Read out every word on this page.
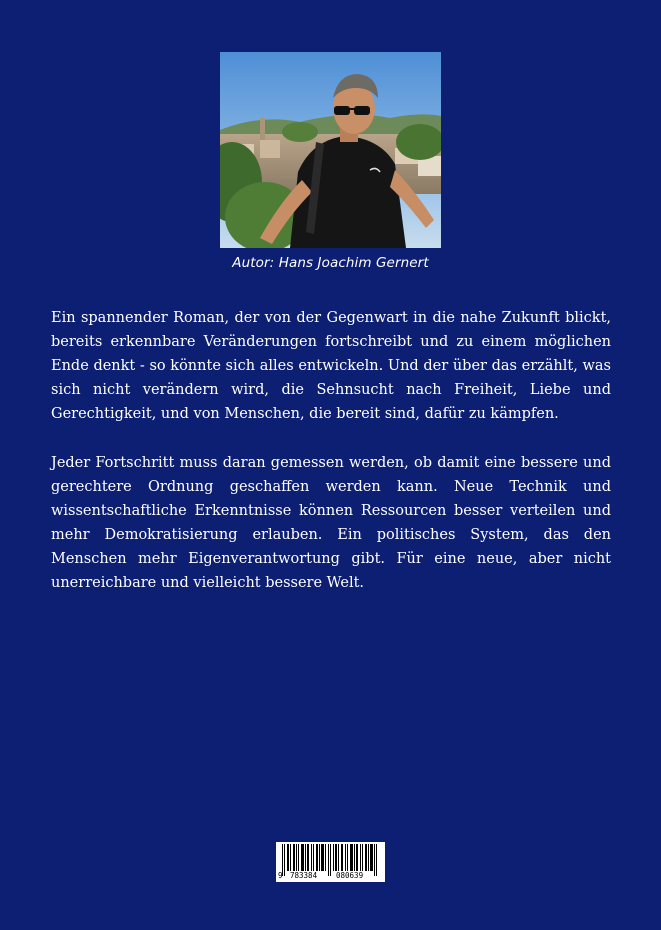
Autor: Hans Joachim Gernert

Ein spannender Roman, der von der Gegenwart in die nahe Zukunft blickt, bereits erkennbare Veränderungen fortschreibt und zu einem möglichen Ende denkt - so könnte sich alles entwickeln. Und der über das erzählt, was sich nicht verändern wird, die Sehnsucht nach Freiheit, Liebe und Gerechtigkeit, und von Menschen, die bereit sind, dafür zu kämpfen.

Jeder Fortschritt muss daran gemessen werden, ob damit eine bessere und gerechtere Ordnung geschaffen werden kann. Neue Technik und wissentschaftliche Erkenntnisse können Ressourcen besser verteilen und mehr Demokratisierung erlauben. Ein politisches System, das den Menschen mehr Eigenverantwortung gibt. Für eine neue, aber nicht unerreichbare und vielleicht bessere Welt.

9 783384	080639
